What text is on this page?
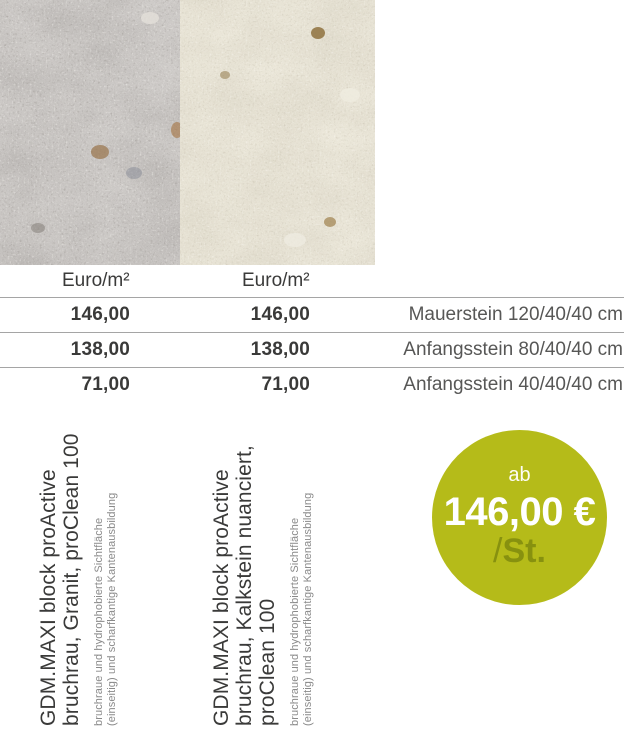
Euro/m²	Euro/m²
146,00	146,00	Mauerstein 120/40/40 cm
138,00	138,00	Anfangsstein 80/40/40 cm
71,00	71,00	Anfangsstein 40/40/40 cm
GDM.MAXI block proActive bruchrau, Granit, proClean 100 bruchraue und hydrophobierte Sichtfläche (einseitig) und scharfkantige Kantenausbildung	GDM.MAXI block proActive bruchrau, Kalkstein nuanciert, proClean 100 bruchraue und hydrophobierte Sichtfläche (einseitig) und scharfkantige Kantenausbildung
ab
146,00 €
/St.
